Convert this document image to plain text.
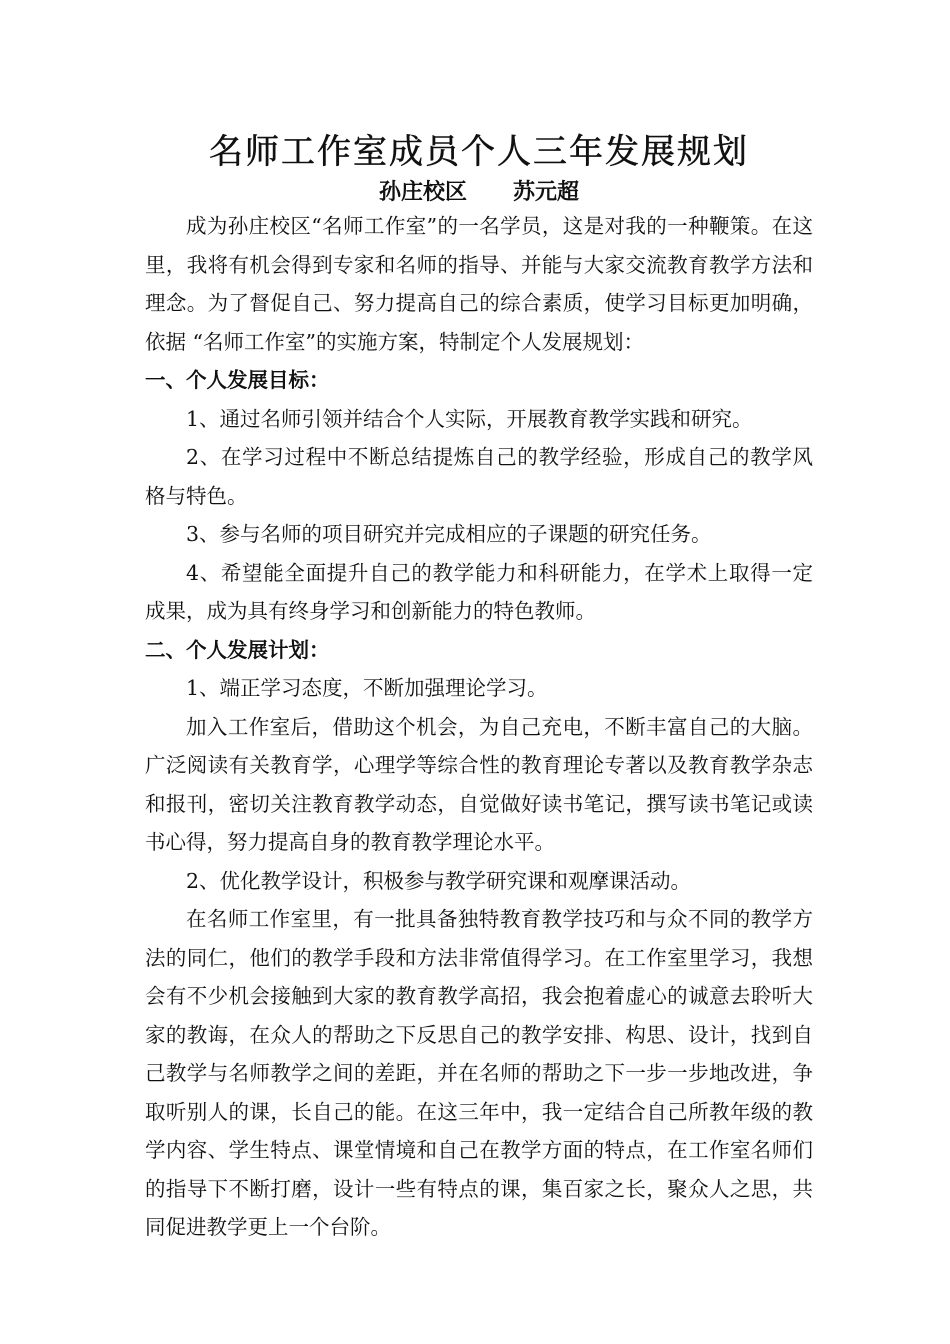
名师工作室成员个人三年发展规划
孙庄校区 苏元超

成为孙庄校区“名师工作室”的一名学员，这是对我的一种鞭策。在这里，我将有机会得到专家和名师的指导、并能与大家交流教育教学方法和理念。为了督促自己、努力提高自己的综合素质，使学习目标更加明确，依据 “名师工作室”的实施方案，特制定个人发展规划：

一、个人发展目标：

1、通过名师引领并结合个人实际，开展教育教学实践和研究。

2、在学习过程中不断总结提炼自己的教学经验，形成自己的教学风格与特色。

3、参与名师的项目研究并完成相应的子课题的研究任务。

4、希望能全面提升自己的教学能力和科研能力，在学术上取得一定成果，成为具有终身学习和创新能力的特色教师。

二、个人发展计划：

1、端正学习态度，不断加强理论学习。

加入工作室后，借助这个机会，为自己充电，不断丰富自己的大脑。广泛阅读有关教育学，心理学等综合性的教育理论专著以及教育教学杂志和报刊，密切关注教育教学动态，自觉做好读书笔记，撰写读书笔记或读书心得，努力提高自身的教育教学理论水平。

2、优化教学设计，积极参与教学研究课和观摩课活动。

在名师工作室里，有一批具备独特教育教学技巧和与众不同的教学方法的同仁，他们的教学手段和方法非常值得学习。在工作室里学习，我想会有不少机会接触到大家的教育教学高招，我会抱着虚心的诚意去聆听大家的教诲，在众人的帮助之下反思自己的教学安排、构思、设计，找到自己教学与名师教学之间的差距，并在名师的帮助之下一步一步地改进，争取听别人的课，长自己的能。在这三年中，我一定结合自己所教年级的教学内容、学生特点、课堂情境和自己在教学方面的特点，在工作室名师们的指导下不断打磨，设计一些有特点的课，集百家之长，聚众人之思，共同促进教学更上一个台阶。
